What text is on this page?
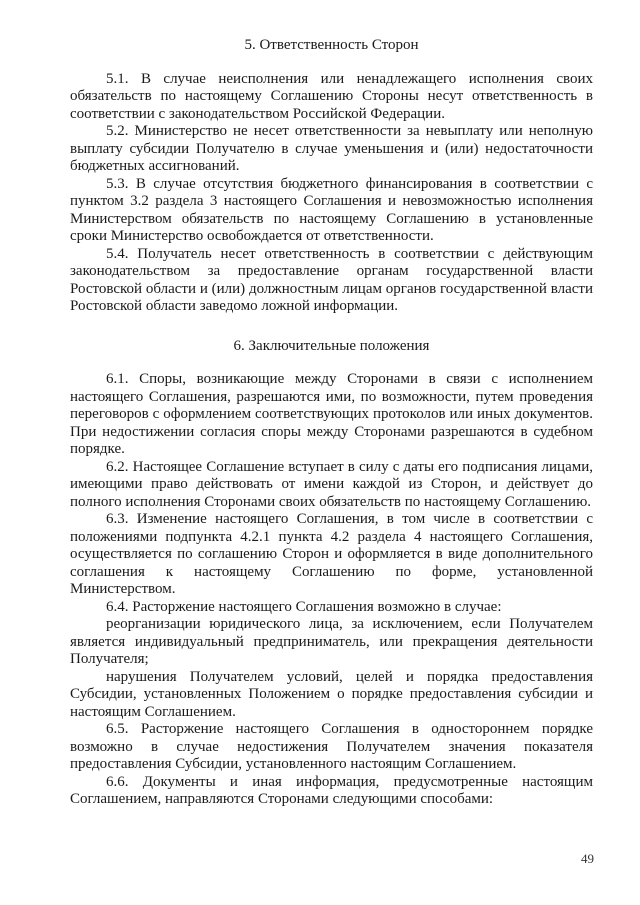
5. Ответственность Сторон

5.1. В случае неисполнения или ненадлежащего исполнения своих обязательств по настоящему Соглашению Стороны несут ответственность в соответствии с законодательством Российской Федерации.

5.2. Министерство не несет ответственности за невыплату или неполную выплату субсидии Получателю в случае уменьшения и (или) недостаточности бюджетных ассигнований.

5.3. В случае отсутствия бюджетного финансирования в соответствии с пунктом 3.2 раздела 3 настоящего Соглашения и невозможностью исполнения Министерством обязательств по настоящему Соглашению в установленные сроки Министерство освобождается от ответственности.

5.4. Получатель несет ответственность в соответствии с действующим законодательством за предоставление органам государственной власти Ростовской области и (или) должностным лицам органов государственной власти Ростовской области заведомо ложной информации.

6. Заключительные положения

6.1. Споры, возникающие между Сторонами в связи с исполнением настоящего Соглашения, разрешаются ими, по возможности, путем проведения переговоров с оформлением соответствующих протоколов или иных документов. При недостижении согласия споры между Сторонами разрешаются в судебном порядке.

6.2. Настоящее Соглашение вступает в силу с даты его подписания лицами, имеющими право действовать от имени каждой из Сторон, и действует до полного исполнения Сторонами своих обязательств по настоящему Соглашению.

6.3. Изменение настоящего Соглашения, в том числе в соответствии с положениями подпункта 4.2.1 пункта 4.2 раздела 4 настоящего Соглашения, осуществляется по соглашению Сторон и оформляется в виде дополнительного соглашения к настоящему Соглашению по форме, установленной Министерством.

6.4. Расторжение настоящего Соглашения возможно в случае:

реорганизации юридического лица, за исключением, если Получателем является индивидуальный предприниматель, или прекращения деятельности Получателя;

нарушения Получателем условий, целей и порядка предоставления Субсидии, установленных Положением о порядке предоставления субсидии и настоящим Соглашением.

6.5. Расторжение настоящего Соглашения в одностороннем порядке возможно в случае недостижения Получателем значения показателя предоставления Субсидии, установленного настоящим Соглашением.

6.6. Документы и иная информация, предусмотренные настоящим Соглашением, направляются Сторонами следующими способами:

49
